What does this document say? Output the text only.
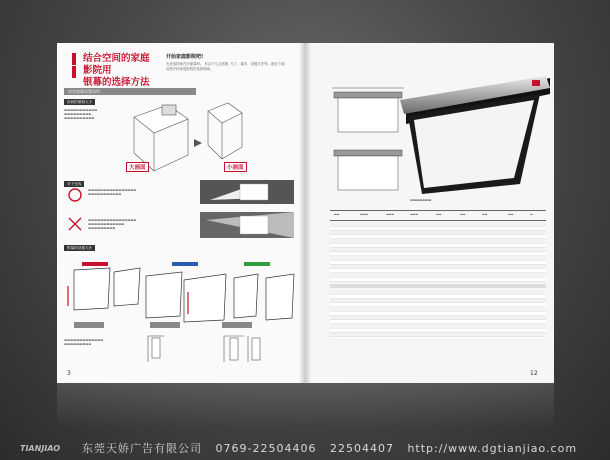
结合空间的家庭
影院用
银幕的选择方法
开始家庭影院吧!
先来选择现在所需幕材。 有以下几点需要, 尺寸、幕布、设置方法等。就在下面向您介绍家庭影院的选择指南。
决定银幕设置场所
房间的面积大小
▬▬▬▬▬▬▬▬▬▬▬
▬▬▬▬▬▬▬▬▬
▬▬▬▬▬▬▬▬▬▬
大画面	小画面
对于光线
▬▬▬▬▬▬▬▬▬▬▬▬▬▬▬▬
▬▬▬▬▬▬▬▬▬▬▬
▬▬▬▬▬▬▬▬▬▬▬▬▬▬▬▬
▬▬▬▬▬▬▬▬▬▬▬▬
▬▬▬▬▬▬▬▬▬
银幕的设置方法
▬▬▬▬▬▬▬▬▬▬▬▬▬
▬▬▬▬▬▬▬▬▬
3
▬▬▬▬▬▬▬
▬▬	▬▬▬	▬▬▬	▬▬▬	▬▬	▬▬	▬▬	▬▬	▬
12
TIANJIAO 东莞天娇广告有限公司 0769-22504406 22504407 http://www.dgtianjiao.com
